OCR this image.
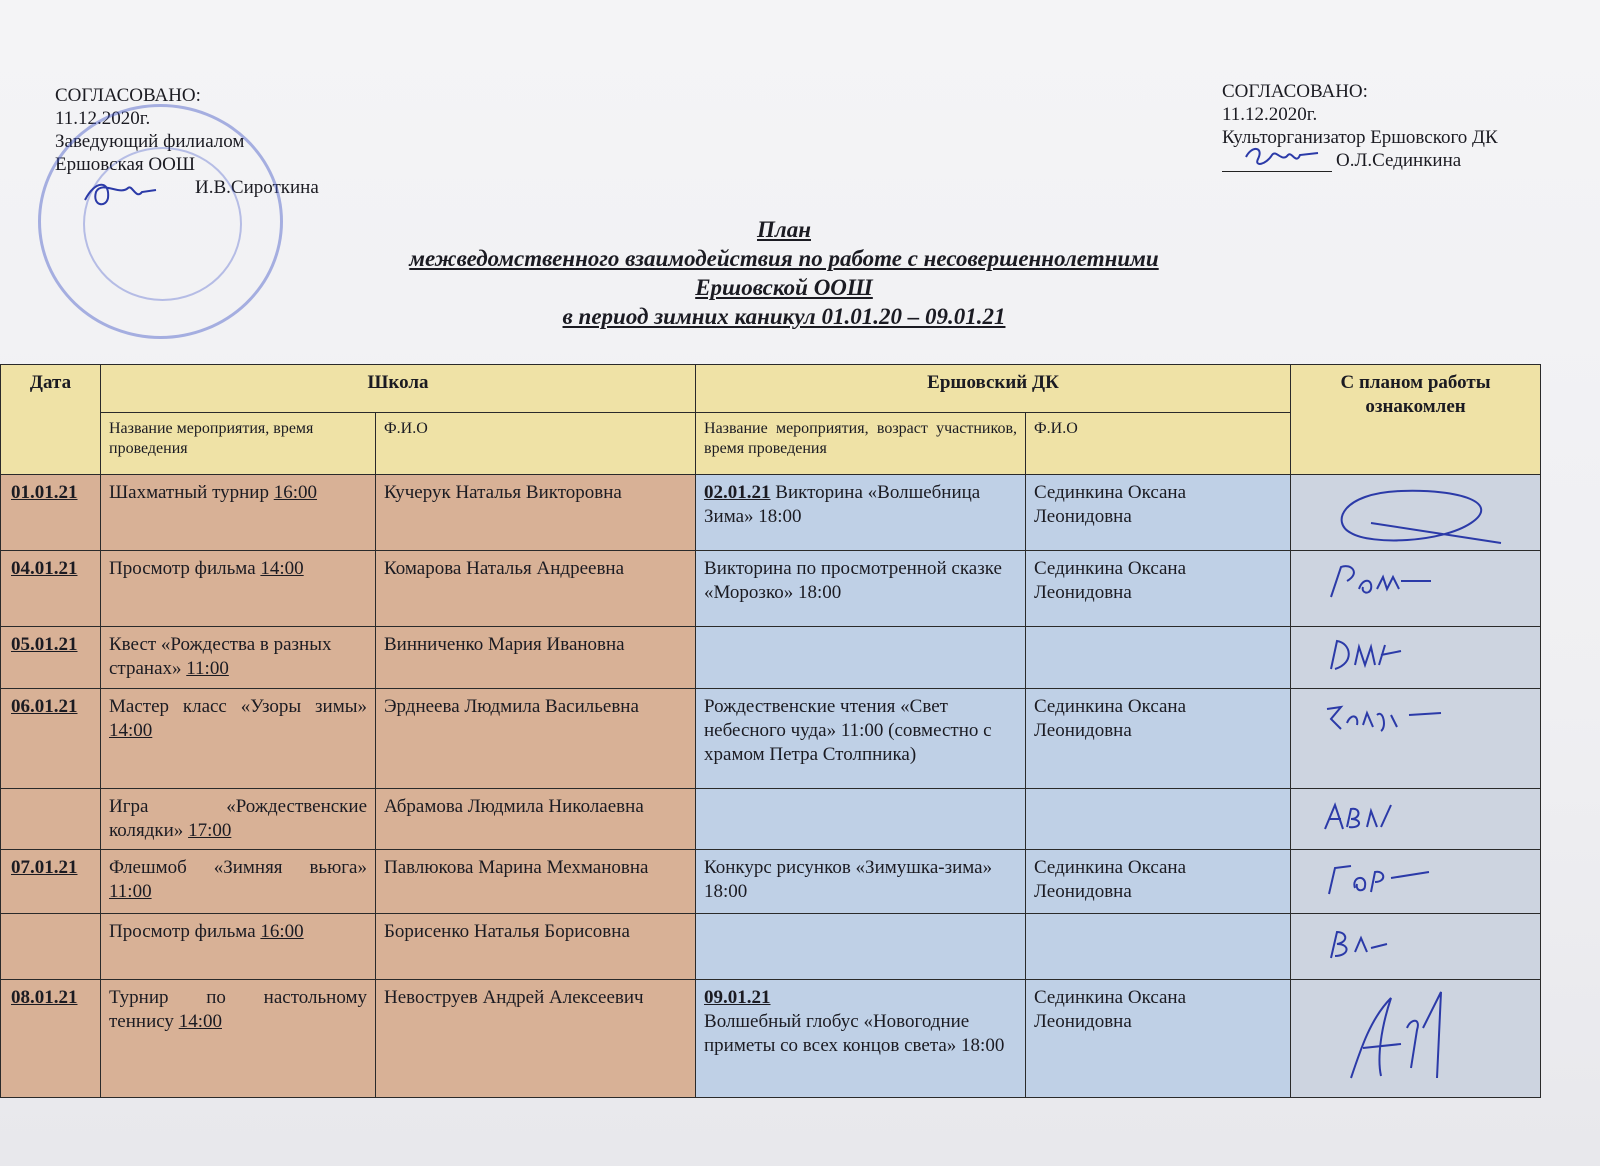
СОГЛАСОВАНО:
11.12.2020г.
Заведующий филиалом
Ершовская ООШ
И.В.Сироткина
СОГЛАСОВАНО:
11.12.2020г.
Культорганизатор Ершовского ДК
О.Л.Сединкина
План
межведомственного взаимодействия по работе с несовершеннолетними
Ершовской ООШ
в период зимних каникул 01.01.20 – 09.01.21
Дата	Школа		Ершовский ДК		С планом работы ознакомлен
	Название мероприятия, время проведения	Ф.И.О	Название мероприятия, возраст участников, время проведения	Ф.И.О	
01.01.21	Шахматный турнир 16:00	Кучерук Наталья Викторовна	02.01.21 Викторина «Волшебница Зима» 18:00	Сединкина Оксана Леонидовна	

04.01.21	Просмотр фильма 14:00	Комарова Наталья Андреевна	Викторина по просмотренной сказке «Морозко» 18:00	Сединкина Оксана Леонидовна	

05.01.21	Квест «Рождества в разных странах» 11:00	Винниченко Мария Ивановна			

06.01.21	Мастер класс «Узоры зимы» 14:00	Эрднеева Людмила Васильевна	Рождественские чтения «Свет небесного чуда» 11:00 (совместно с храмом Петра Столпника)	Сединкина Оксана Леонидовна	

	Игра «Рождественские колядки» 17:00	Абрамова Людмила Николаевна			

07.01.21	Флешмоб «Зимняя вьюга» 11:00	Павлюкова Марина Мехмановна	Конкурс рисунков «Зимушка-зима» 18:00	Сединкина Оксана Леонидовна	

	Просмотр фильма 16:00	Борисенко Наталья Борисовна			

08.01.21	Турнир по настольному теннису 14:00	Невоструев Андрей Алексеевич	09.01.21
Волшебный глобус «Новогодние приметы со всех концов света» 18:00	Сединкина Оксана Леонидовна	
